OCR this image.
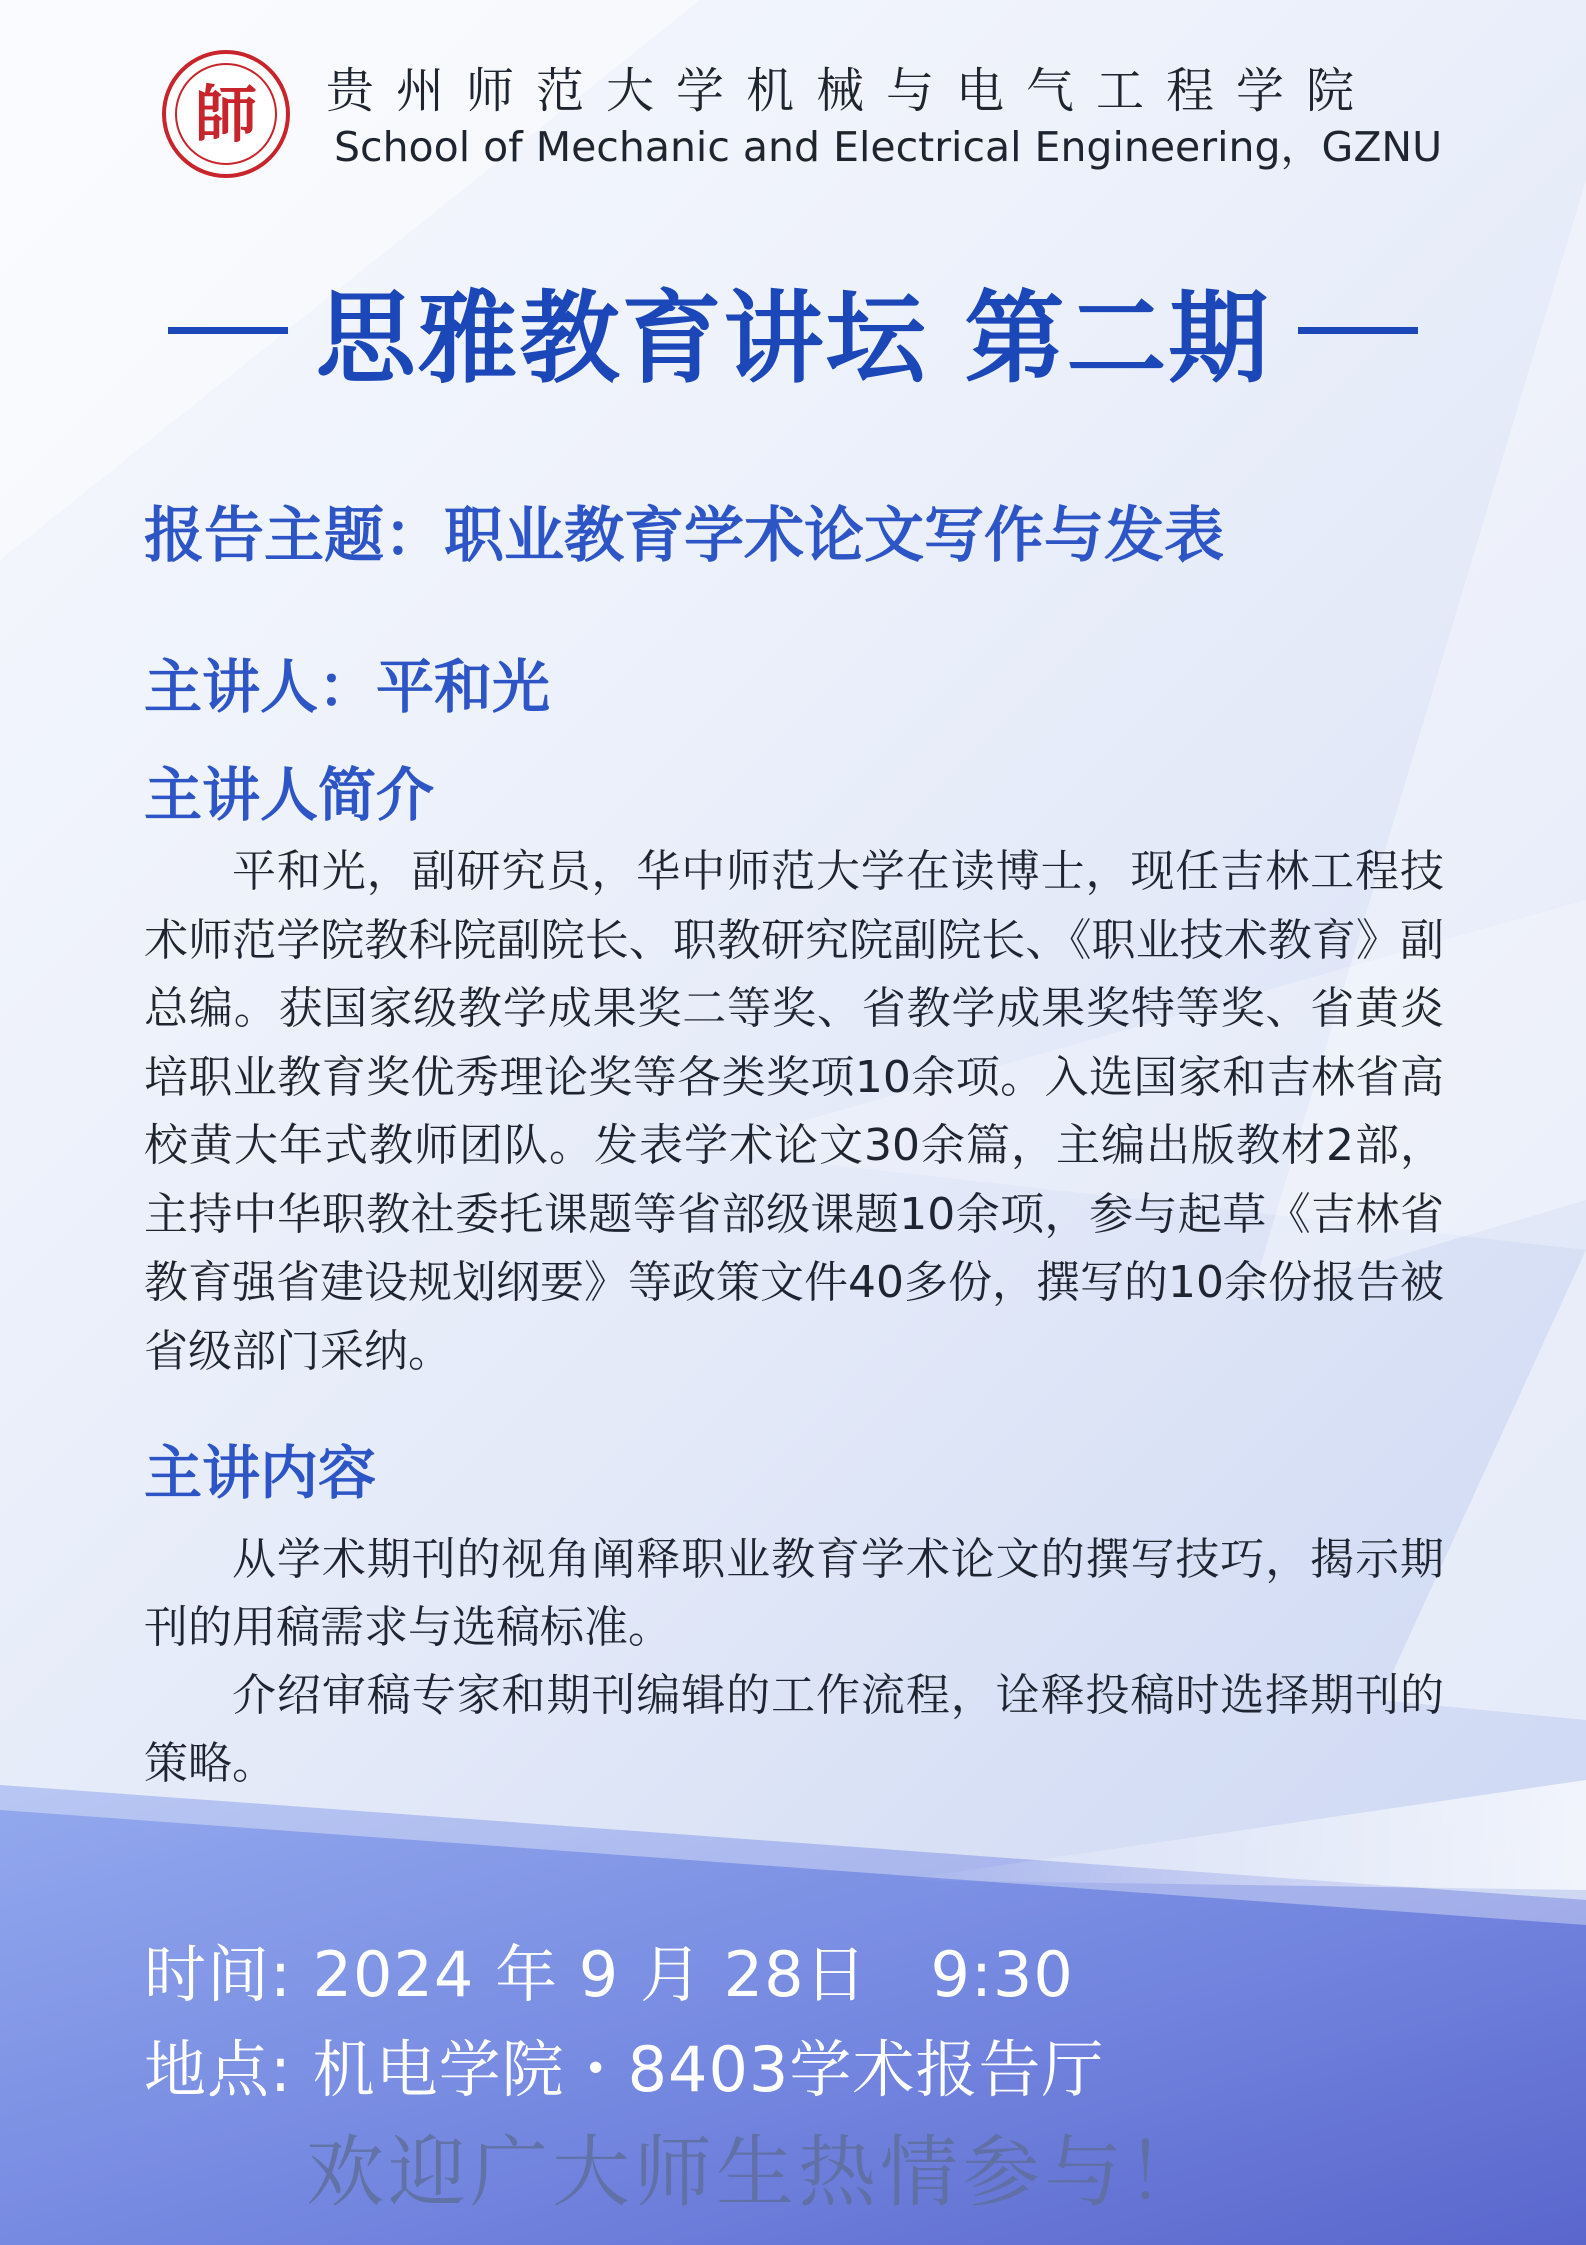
師 贵州师范大学机械与电气工程学院
School of Mechanic and Electrical Engineering，GZNU
思雅教育讲坛 第二期
报告主题：职业教育学术论文写作与发表
主讲人：平和光
主讲人简介

平和光，副研究员，华中师范大学在读博士，现任吉林工程技术师范学院教科院副院长、职教研究院副院长、《职业技术教育》副总编。获国家级教学成果奖二等奖、省教学成果奖特等奖、省黄炎培职业教育奖优秀理论奖等各类奖项10余项。入选国家和吉林省高校黄大年式教师团队。发表学术论文30余篇，主编出版教材2部，主持中华职教社委托课题等省部级课题10余项，参与起草《吉林省教育强省建设规划纲要》等政策文件40多份，撰写的10余份报告被省级部门采纳。

主讲内容

从学术期刊的视角阐释职业教育学术论文的撰写技巧，揭示期刊的用稿需求与选稿标准。

介绍审稿专家和期刊编辑的工作流程，诠释投稿时选择期刊的策略。

时间: 2024 年 9 月 28日　9:30
地点: 机电学院・8403学术报告厅
欢迎广大师生热情参与！
